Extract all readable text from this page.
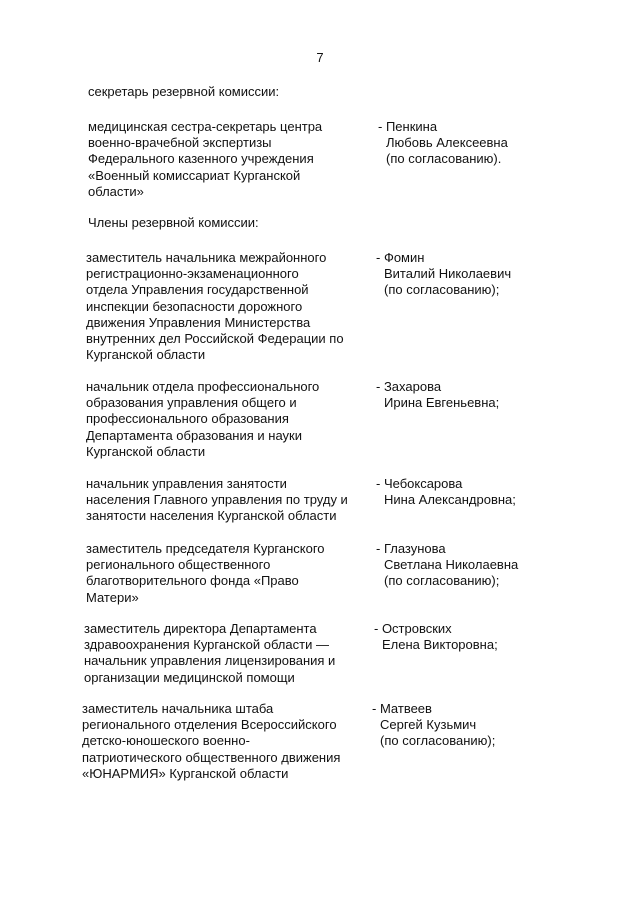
7
секретарь резервной комиссии:
медицинская сестра-секретарь центра
военно-врачебной экспертизы
Федерального казенного учреждения
«Военный комиссариат Курганской
области»
- Пенкина
Любовь Алексеевна
(по согласованию).
Члены резервной комиссии:
заместитель начальника межрайонного
регистрационно-экзаменационного
отдела Управления государственной
инспекции безопасности дорожного
движения Управления Министерства
внутренних дел Российской Федерации по
Курганской области
- Фомин
Виталий Николаевич
(по согласованию);
начальник отдела профессионального
образования управления общего и
профессионального образования
Департамента образования и науки
Курганской области
- Захарова
Ирина Евгеньевна;
начальник управления занятости
населения Главного управления по труду и
занятости населения Курганской области
- Чебоксарова
Нина Александровна;
заместитель председателя Курганского
регионального общественного
благотворительного фонда «Право
Матери»
- Глазунова
Светлана Николаевна
(по согласованию);
заместитель директора Департамента
здравоохранения Курганской области —
начальник управления лицензирования и
организации медицинской помощи
- Островских
Елена Викторовна;
заместитель начальника штаба
регионального отделения Всероссийского
детско-юношеского военно-
патриотического общественного движения
«ЮНАРМИЯ» Курганской области
- Матвеев
Сергей Кузьмич
(по согласованию);
